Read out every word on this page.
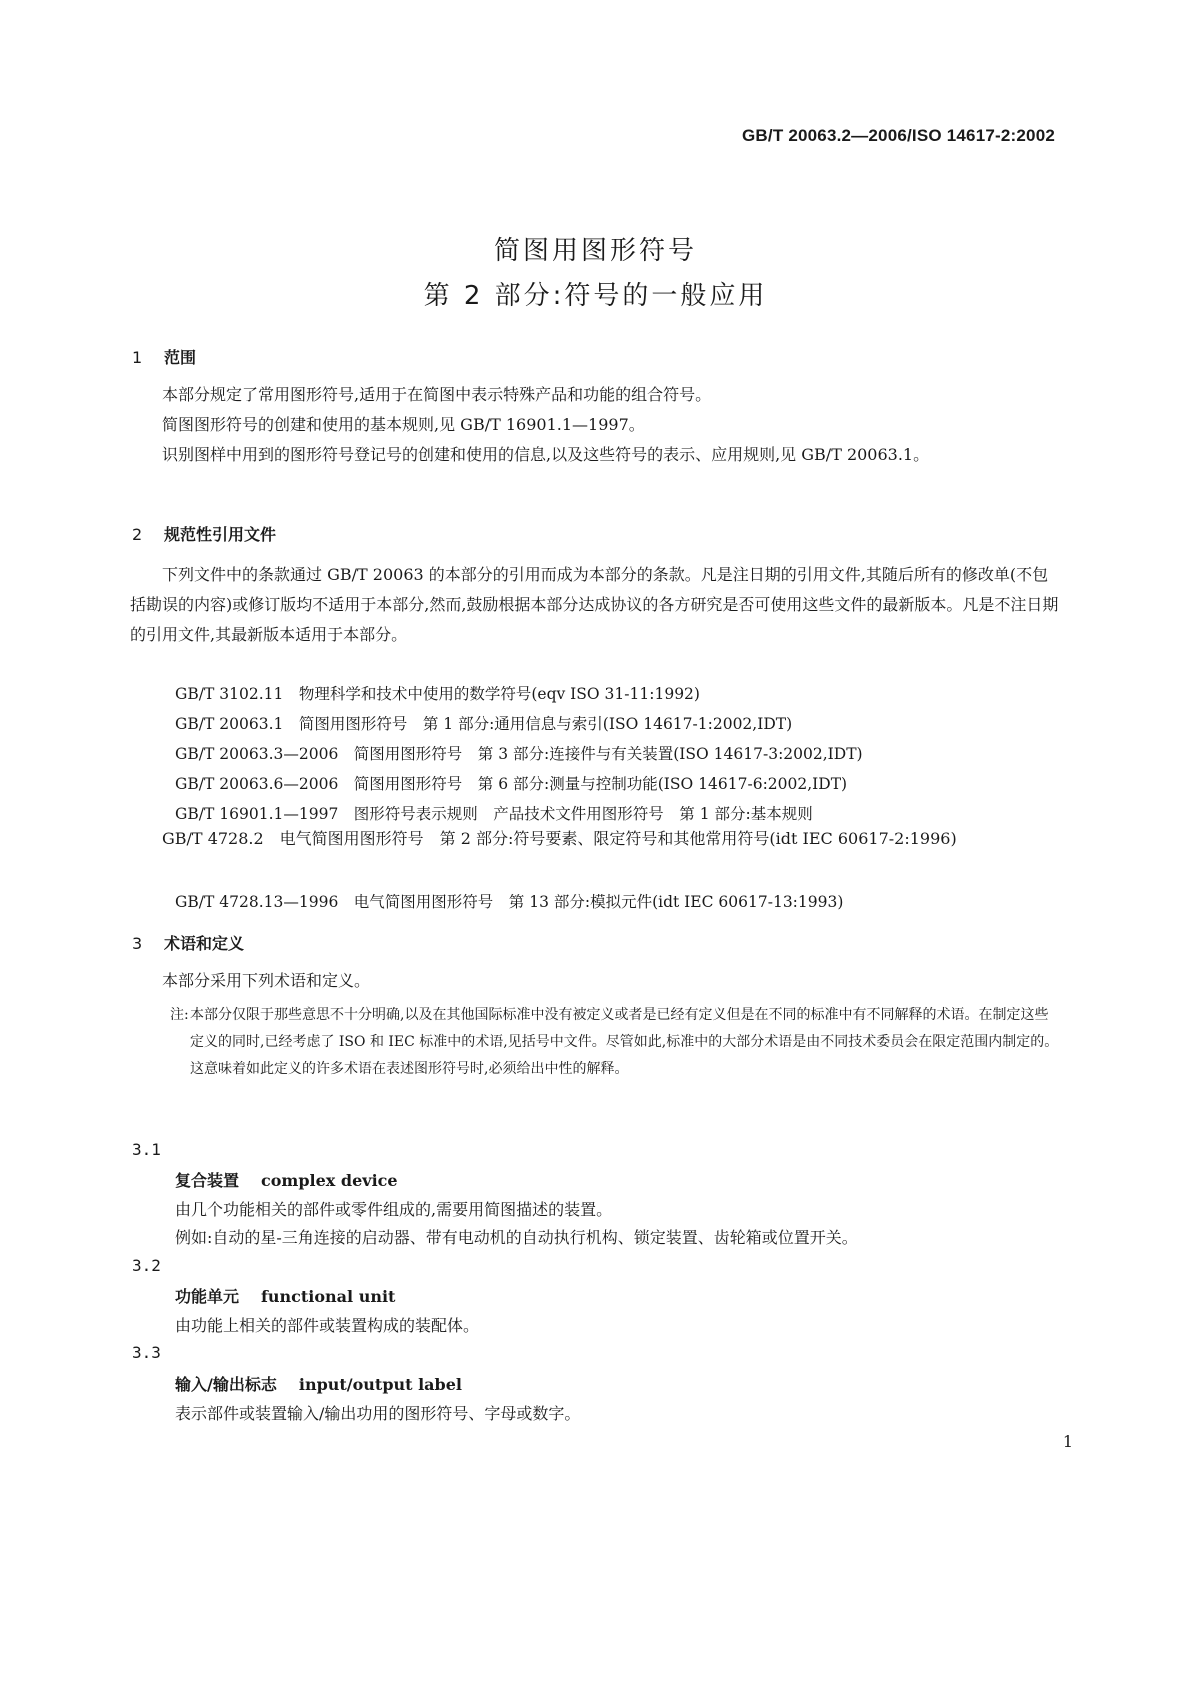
GB/T 20063.2—2006/ISO 14617-2:2002
简图用图形符号
第 2 部分:符号的一般应用
1 范围
本部分规定了常用图形符号,适用于在简图中表示特殊产品和功能的组合符号。
简图图形符号的创建和使用的基本规则,见 GB/T 16901.1—1997。
识别图样中用到的图形符号登记号的创建和使用的信息,以及这些符号的表示、应用规则,见 GB/T 20063.1。
2 规范性引用文件
下列文件中的条款通过 GB/T 20063 的本部分的引用而成为本部分的条款。凡是注日期的引用文件,其随后所有的修改单(不包括勘误的内容)或修订版均不适用于本部分,然而,鼓励根据本部分达成协议的各方研究是否可使用这些文件的最新版本。凡是不注日期的引用文件,其最新版本适用于本部分。
GB/T 3102.11　物理科学和技术中使用的数学符号(eqv ISO 31-11:1992)
GB/T 20063.1　简图用图形符号　第 1 部分:通用信息与索引(ISO 14617-1:2002,IDT)
GB/T 20063.3—2006　简图用图形符号　第 3 部分:连接件与有关装置(ISO 14617-3:2002,IDT)
GB/T 20063.6—2006　简图用图形符号　第 6 部分:测量与控制功能(ISO 14617-6:2002,IDT)
GB/T 16901.1—1997　图形符号表示规则　产品技术文件用图形符号　第 1 部分:基本规则
GB/T 4728.2　电气简图用图形符号　第 2 部分:符号要素、限定符号和其他常用符号(idt IEC 60617-2:1996)
GB/T 4728.13—1996　电气简图用图形符号　第 13 部分:模拟元件(idt IEC 60617-13:1993)
3 术语和定义
本部分采用下列术语和定义。
注: 本部分仅限于那些意思不十分明确,以及在其他国际标准中没有被定义或者是已经有定义但是在不同的标准中有不同解释的术语。在制定这些定义的同时,已经考虑了 ISO 和 IEC 标准中的术语,见括号中文件。尽管如此,标准中的大部分术语是由不同技术委员会在限定范围内制定的。这意味着如此定义的许多术语在表述图形符号时,必须给出中性的解释。
3.1
复合装置 complex device
由几个功能相关的部件或零件组成的,需要用简图描述的装置。
例如:自动的星-三角连接的启动器、带有电动机的自动执行机构、锁定装置、齿轮箱或位置开关。
3.2
功能单元 functional unit
由功能上相关的部件或装置构成的装配体。
3.3
输入/输出标志 input/output label
表示部件或装置输入/输出功用的图形符号、字母或数字。
1
